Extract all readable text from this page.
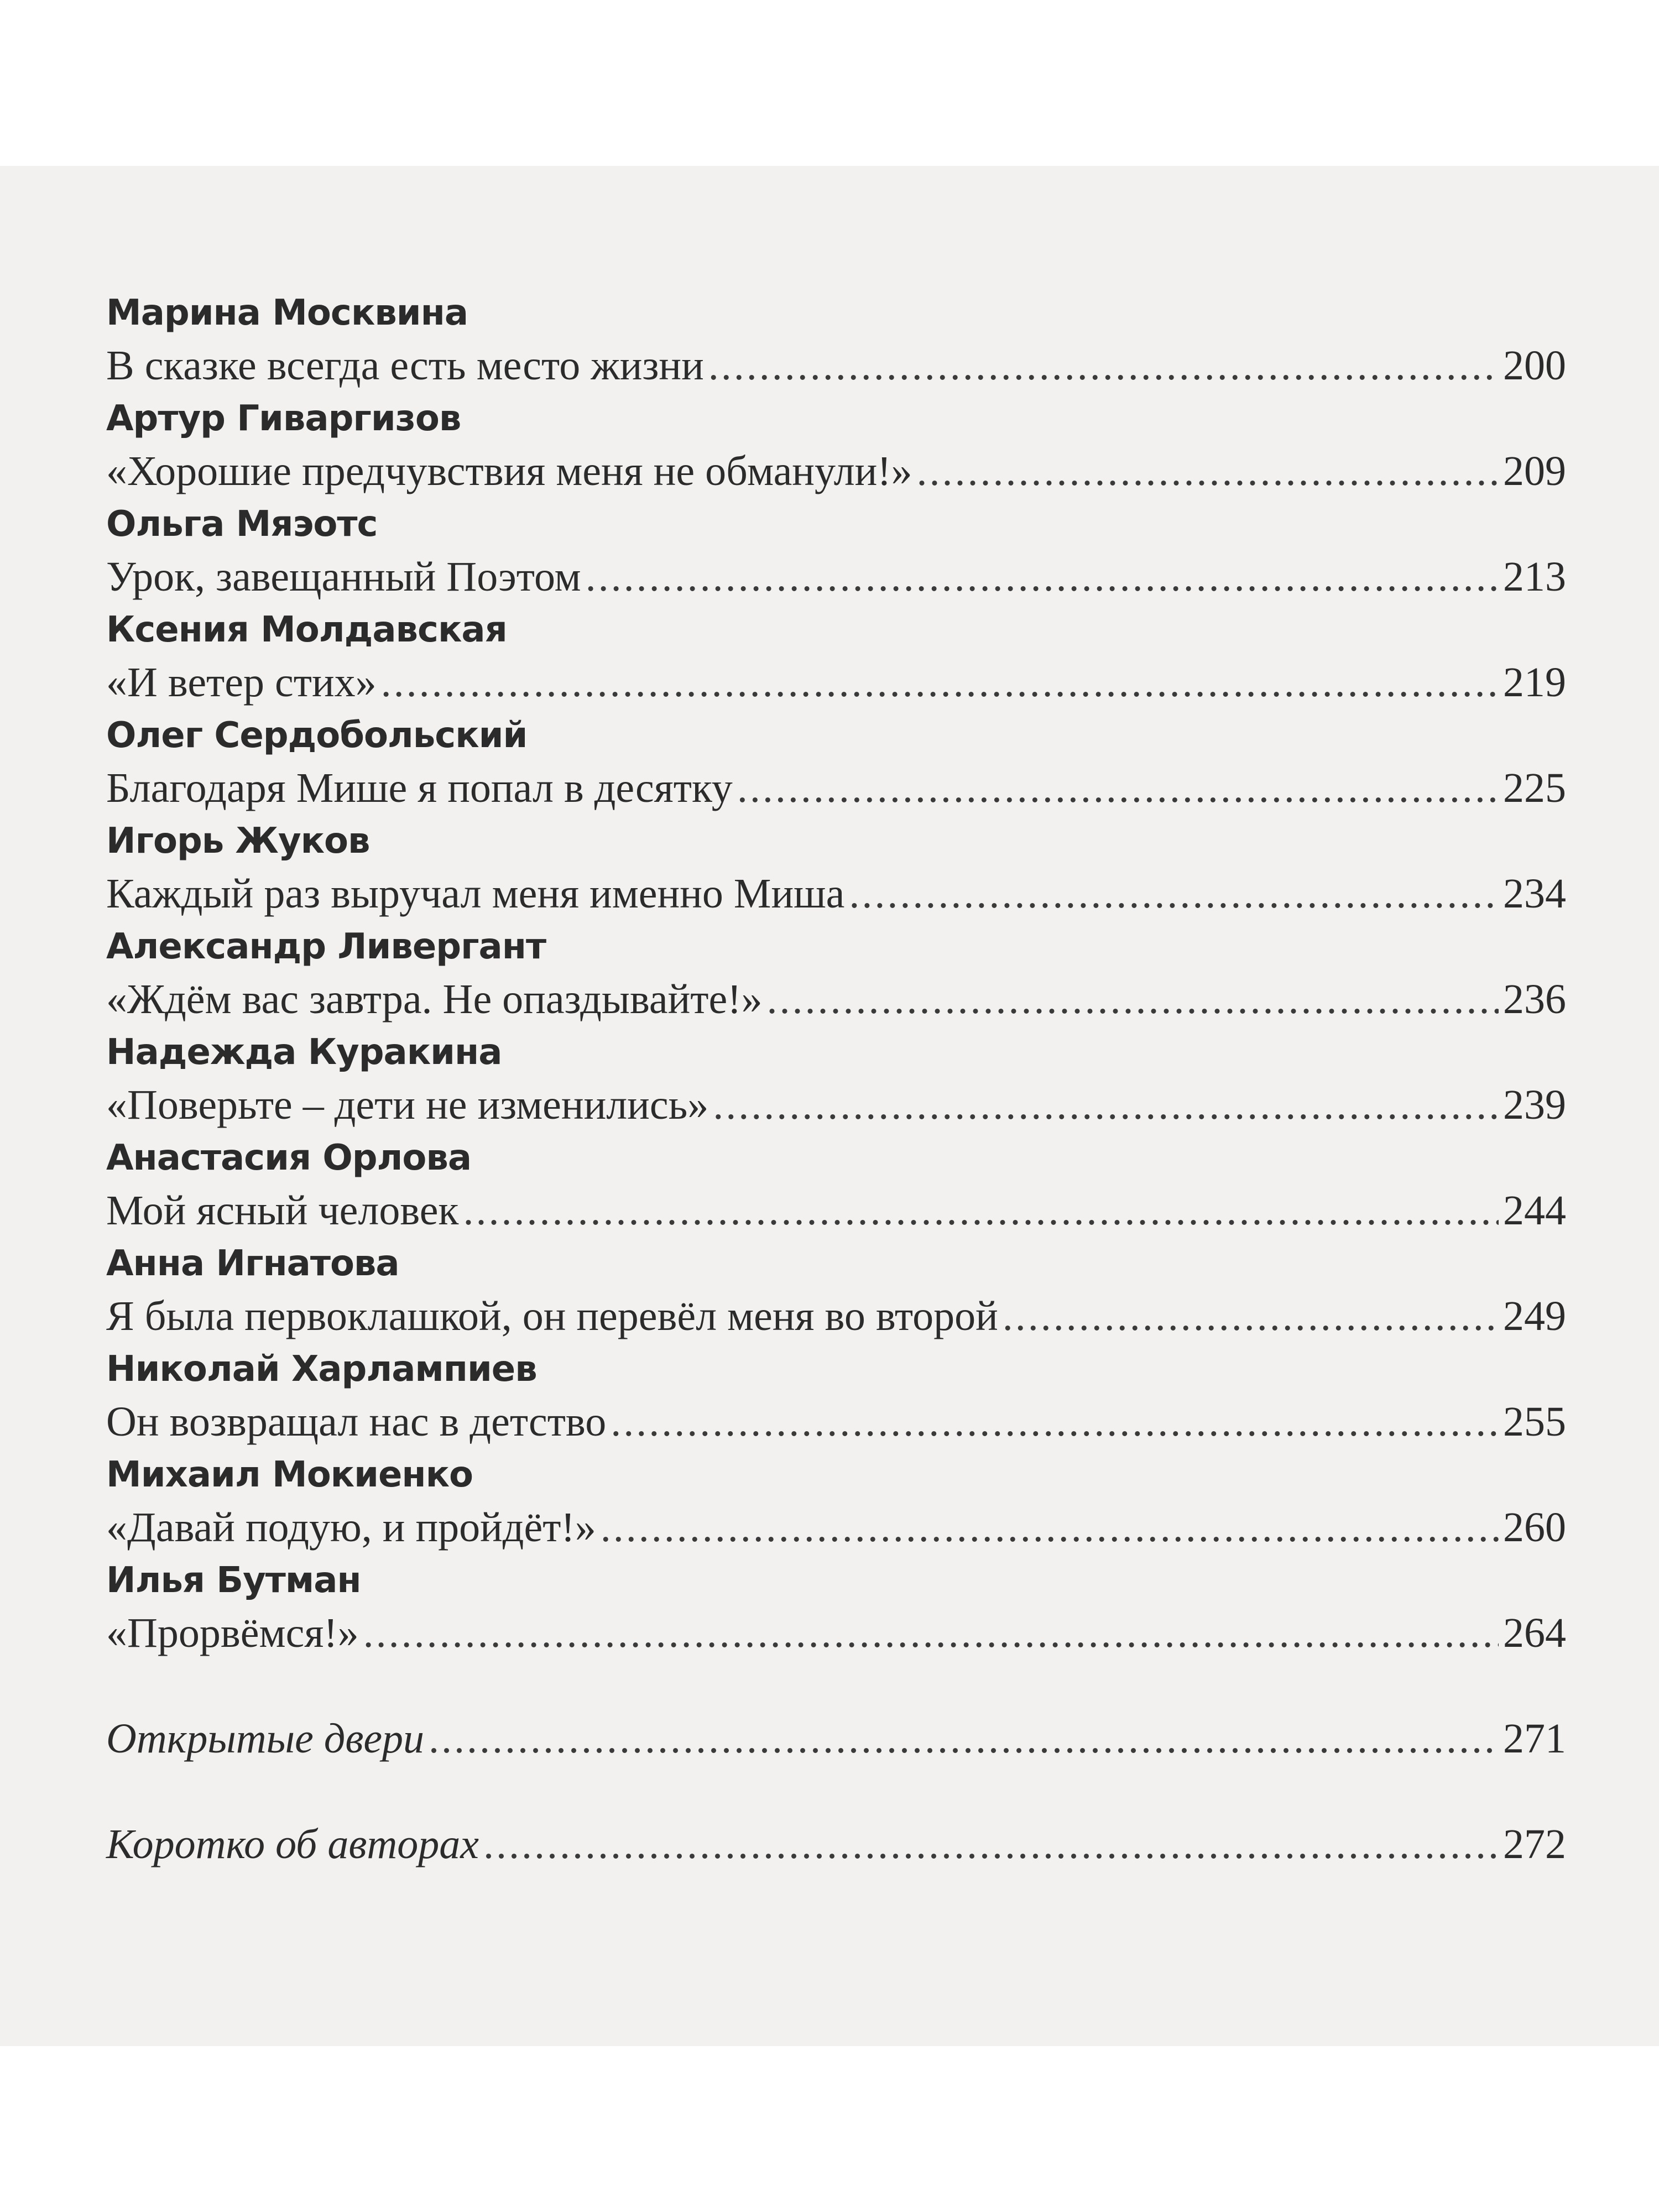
Марина Москвина
В сказке всегда есть место жизни .....	200
Артур Гиваргизов
«Хорошие предчувствия меня не обманули!» .....	209
Ольга Мяэотс
Урок, завещанный Поэтом .....	213
Ксения Молдавская
«И ветер стих» .....	219
Олег Сердобольский
Благодаря Мише я попал в десятку .....	225
Игорь Жуков
Каждый раз выручал меня именно Миша .....	234
Александр Ливергант
«Ждём вас завтра. Не опаздывайте!» .....	236
Надежда Куракина
«Поверьте – дети не изменились» .....	239
Анастасия Орлова
Мой ясный человек .....	244
Анна Игнатова
Я была первоклашкой, он перевёл меня во второй .....	249
Николай Харлампиев
Он возвращал нас в детство .....	255
Михаил Мокиенко
«Давай подую, и пройдёт!» .....	260
Илья Бутман
«Прорвёмся!» .....	264
Открытые двери .....	271
Коротко об авторах .....	272
